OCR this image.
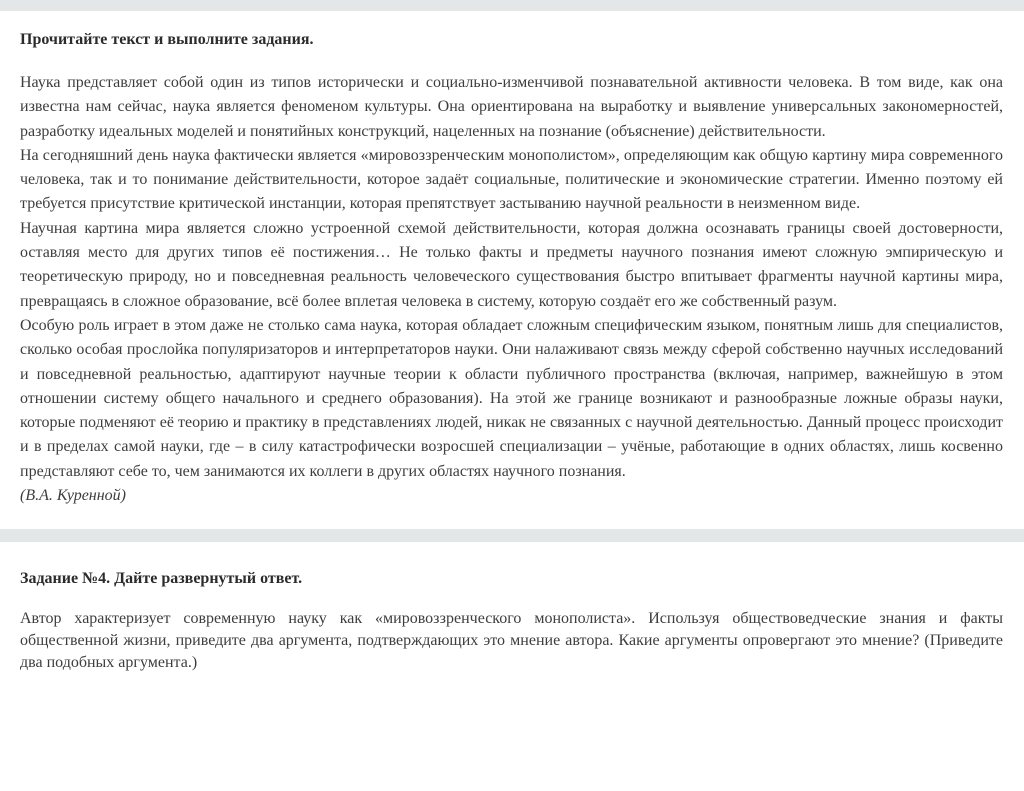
Прочитайте текст и выполните задания.

Наука представляет собой один из типов исторически и социально-изменчивой познавательной активности человека. В том виде, как она известна нам сейчас, наука является феноменом культуры. Она ориентирована на выработку и выявление универсальных закономерностей, разработку идеальных моделей и понятийных конструкций, нацеленных на познание (объяснение) действительности.

На сегодняшний день наука фактически является «мировоззренческим монополистом», определяющим как общую картину мира современного человека, так и то понимание действительности, которое задаёт социальные, политические и экономические стратегии. Именно поэтому ей требуется присутствие критической инстанции, которая препятствует застыванию научной реальности в неизменном виде.

Научная картина мира является сложно устроенной схемой действительности, которая должна осознавать границы своей достоверности, оставляя место для других типов её постижения… Не только факты и предметы научного познания имеют сложную эмпирическую и теоретическую природу, но и повседневная реальность человеческого существования быстро впитывает фрагменты научной картины мира, превращаясь в сложное образование, всё более вплетая человека в систему, которую создаёт его же собственный разум.

Особую роль играет в этом даже не столько сама наука, которая обладает сложным специфическим языком, понятным лишь для специалистов, сколько особая прослойка популяризаторов и интерпретаторов науки. Они налаживают связь между сферой собственно научных исследований и повседневной реальностью, адаптируют научные теории к области публичного пространства (включая, например, важнейшую в этом отношении систему общего начального и среднего образования). На этой же границе возникают и разнообразные ложные образы науки, которые подменяют её теорию и практику в представлениях людей, никак не связанных с научной деятельностью. Данный процесс происходит и в пределах самой науки, где – в силу катастрофически возросшей специализации – учёные, работающие в одних областях, лишь косвенно представляют себе то, чем занимаются их коллеги в других областях научного познания.

(В.А. Куренной)

Задание №4. Дайте развернутый ответ.

Автор характеризует современную науку как «мировоззренческого монополиста». Используя обществоведческие знания и факты общественной жизни, приведите два аргумента, подтверждающих это мнение автора. Какие аргументы опровергают это мнение? (Приведите два подобных аргумента.)
